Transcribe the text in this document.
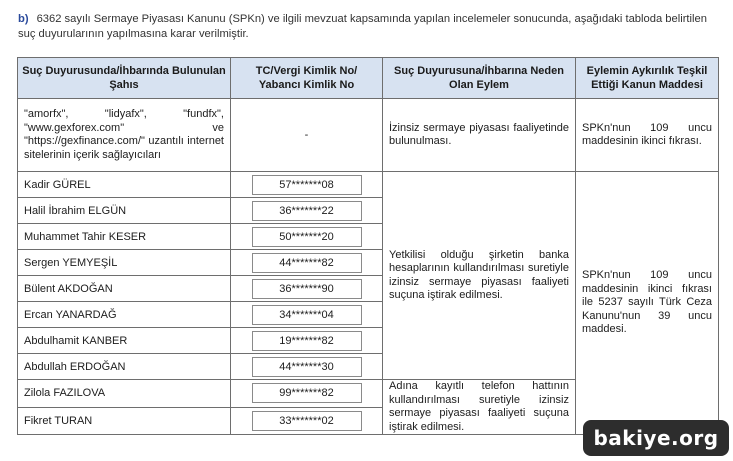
b) 6362 sayılı Sermaye Piyasası Kanunu (SPKn) ve ilgili mevzuat kapsamında yapılan incelemeler sonucunda, aşağıdaki tabloda belirtilen suç duyurularının yapılmasına karar verilmiştir.
Suç Duyurusunda/İhbarında Bulunulan Şahıs	TC/Vergi Kimlik No/ Yabancı Kimlik No	Suç Duyurusuna/İhbarına Neden Olan Eylem	Eylemin Aykırılık Teşkil Ettiği Kanun Maddesi

"amorfx", "lidyafx", "fundfx", "www.gexforex.com" ve "https://gexfinance.com/" uzantılı internet sitelerinin içerik sağlayıcıları	-	İzinsiz sermaye piyasası faaliyetinde bulunulması.	SPKn'nun 109 uncu maddesinin ikinci fıkrası.

Kadir GÜREL	57*******08	Yetkilisi olduğu şirketin banka hesaplarının kullandırılması suretiyle izinsiz sermaye piyasası faaliyeti suçuna iştirak edilmesi.	SPKn'nun 109 uncu maddesinin ikinci fıkrası ile 5237 sayılı Türk Ceza Kanunu'nun 39 uncu maddesi.

Halil İbrahim ELGÜN	36*******22		
Muhammet Tahir KESER	50*******20		
Sergen YEMYEŞİL	44*******82		
Bülent AKDOĞAN	36*******90		
Ercan YANARDAĞ	34*******04		
Abdulhamit KANBER	19*******82		
Abdullah ERDOĞAN	44*******30		
Zilola FAZILOVA	99*******82	Adına kayıtlı telefon hattının kullandırılması suretiyle izinsiz sermaye piyasası faaliyeti suçuna iştirak edilmesi.	

Fikret TURAN	33*******02		
bakiye.org
